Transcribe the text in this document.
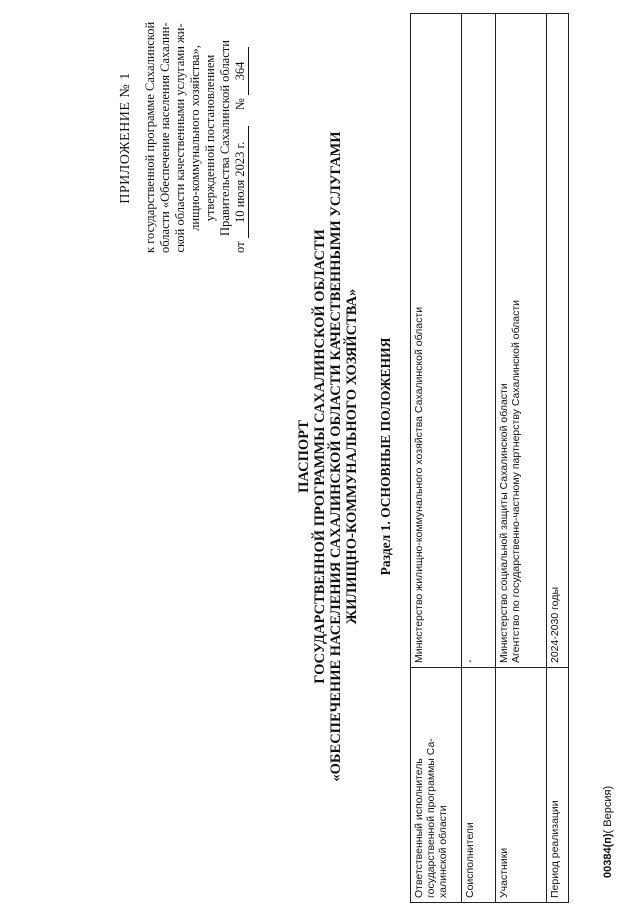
ПРИЛОЖЕНИЕ № 1 к государственной программе Сахалинской области «Обеспечение населения Сахалин- ской области качественными услугами жи- лищно-коммунального хозяйства», утвержденной постановлением Правительства Сахалинской области
от 10 июля 2023 г.  № 364
ПАСПОРТ ГОСУДАРСТВЕННОЙ ПРОГРАММЫ САХАЛИНСКОЙ ОБЛАСТИ «ОБЕСПЕЧЕНИЕ НАСЕЛЕНИЯ САХАЛИНСКОЙ ОБЛАСТИ КАЧЕСТВЕННЫМИ УСЛУГАМИ ЖИЛИЩНО-КОММУНАЛЬНОГО ХОЗЯЙСТВА» Раздел 1. ОСНОВНЫЕ ПОЛОЖЕНИЯ
Ответственный исполнитель государственной программы Са- халинской области	Министерство жилищно-коммунального хозяйства Сахалинской области

Соисполнители	-

Участники	Министерство социальной защиты Сахалинской области Агентство по государственно-частному партнерству Сахалинской области

Период реализации	2024-2030 годы
00384(п)( Версия)
